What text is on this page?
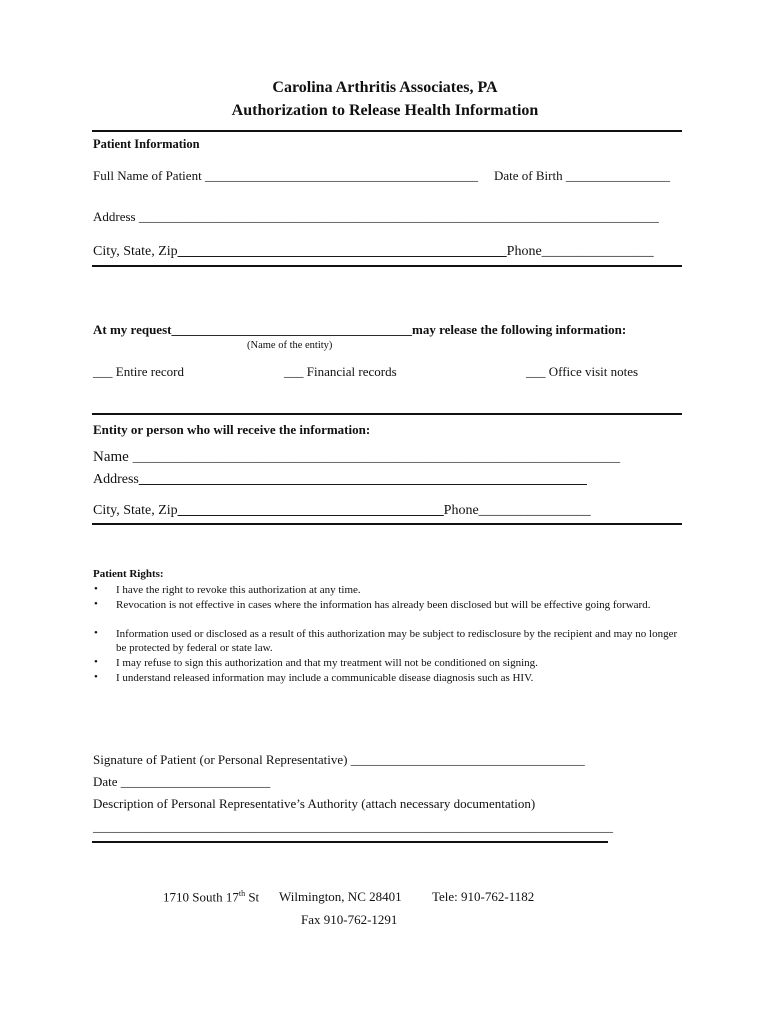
Carolina Arthritis Associates, PA
Authorization to Release Health Information
Patient Information
Full Name of Patient __________________________________________ Date of Birth ________________
Address ________________________________________________________________________________
City, State, Zip_______________________________________________Phone________________
At my request_____________________________________may release the following information:
(Name of the entity)
___ Entire record	___ Financial records	___ Office visit notes
Entity or person who will receive the information:
Name ___________________________________________________________________________
Address________________________________________________________________
City, State, Zip______________________________________Phone________________
Patient Rights:
• I have the right to revoke this authorization at any time.
• Revocation is not effective in cases where the information has already been disclosed but will be effective going forward.
• Information used or disclosed as a result of this authorization may be subject to redisclosure by the recipient and may no longer be protected by federal or state law.
• I may refuse to sign this authorization and that my treatment will not be conditioned on signing.
• I understand released information may include a communicable disease diagnosis such as HIV.
Signature of Patient (or Personal Representative) ____________________________________
Date _______________________
Description of Personal Representative’s Authority (attach necessary documentation)
________________________________________________________________________________
1710 South 17th St Wilmington, NC 28401 Tele: 910-762-1182
Fax 910-762-1291
